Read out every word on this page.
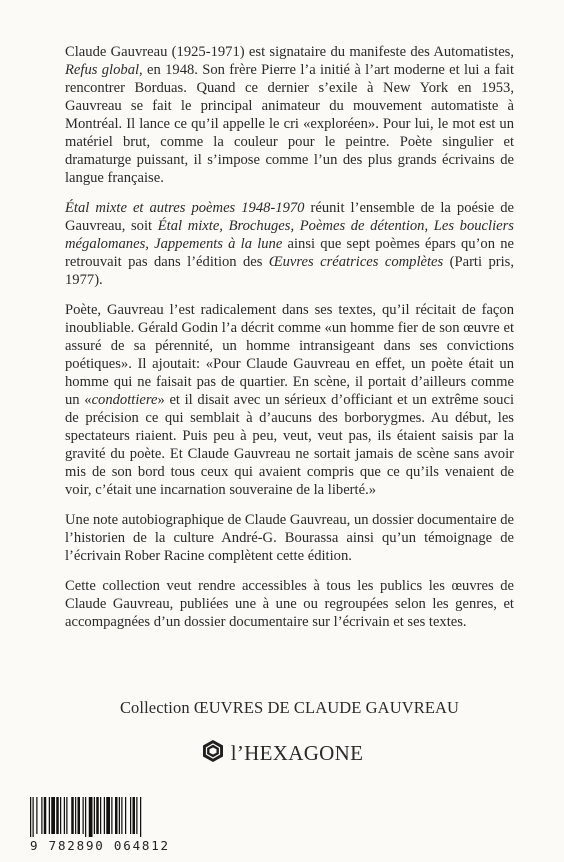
Claude Gauvreau (1925-1971) est signataire du manifeste des Automatistes, Refus global, en 1948. Son frère Pierre l’a initié à l’art moderne et lui a fait rencontrer Borduas. Quand ce dernier s’exile à New York en 1953, Gauvreau se fait le principal animateur du mouvement automatiste à Montréal. Il lance ce qu’il appelle le cri «exploréen». Pour lui, le mot est un matériel brut, comme la couleur pour le peintre. Poète singulier et dramaturge puissant, il s’impose comme l’un des plus grands écrivains de langue française.

Étal mixte et autres poèmes 1948-1970 réunit l’ensemble de la poésie de Gauvreau, soit Étal mixte, Brochuges, Poèmes de détention, Les boucliers mégalomanes, Jappements à la lune ainsi que sept poèmes épars qu’on ne retrouvait pas dans l’édition des Œuvres créatrices complètes (Parti pris, 1977).

Poète, Gauvreau l’est radicalement dans ses textes, qu’il récitait de façon inoubliable. Gérald Godin l’a décrit comme «un homme fier de son œuvre et assuré de sa pérennité, un homme intransigeant dans ses convictions poétiques». Il ajoutait: «Pour Claude Gauvreau en effet, un poète était un homme qui ne faisait pas de quartier. En scène, il portait d’ailleurs comme un «condottiere» et il disait avec un sérieux d’officiant et un extrême souci de précision ce qui semblait à d’aucuns des borborygmes. Au début, les spectateurs riaient. Puis peu à peu, veut, veut pas, ils étaient saisis par la gravité du poète. Et Claude Gauvreau ne sortait jamais de scène sans avoir mis de son bord tous ceux qui avaient compris que ce qu’ils venaient de voir, c’était une incarnation souveraine de la liberté.»

Une note autobiographique de Claude Gauvreau, un dossier documentaire de l’historien de la culture André-G. Bourassa ainsi qu’un témoignage de l’écrivain Rober Racine complètent cette édition.

Cette collection veut rendre accessibles à tous les publics les œuvres de Claude Gauvreau, publiées une à une ou regroupées selon les genres, et accompagnées d’un dossier documentaire sur l’écrivain et ses textes.

Collection ŒUVRES DE CLAUDE GAUVREAU
l’HEXAGONE
9 782890 064812
